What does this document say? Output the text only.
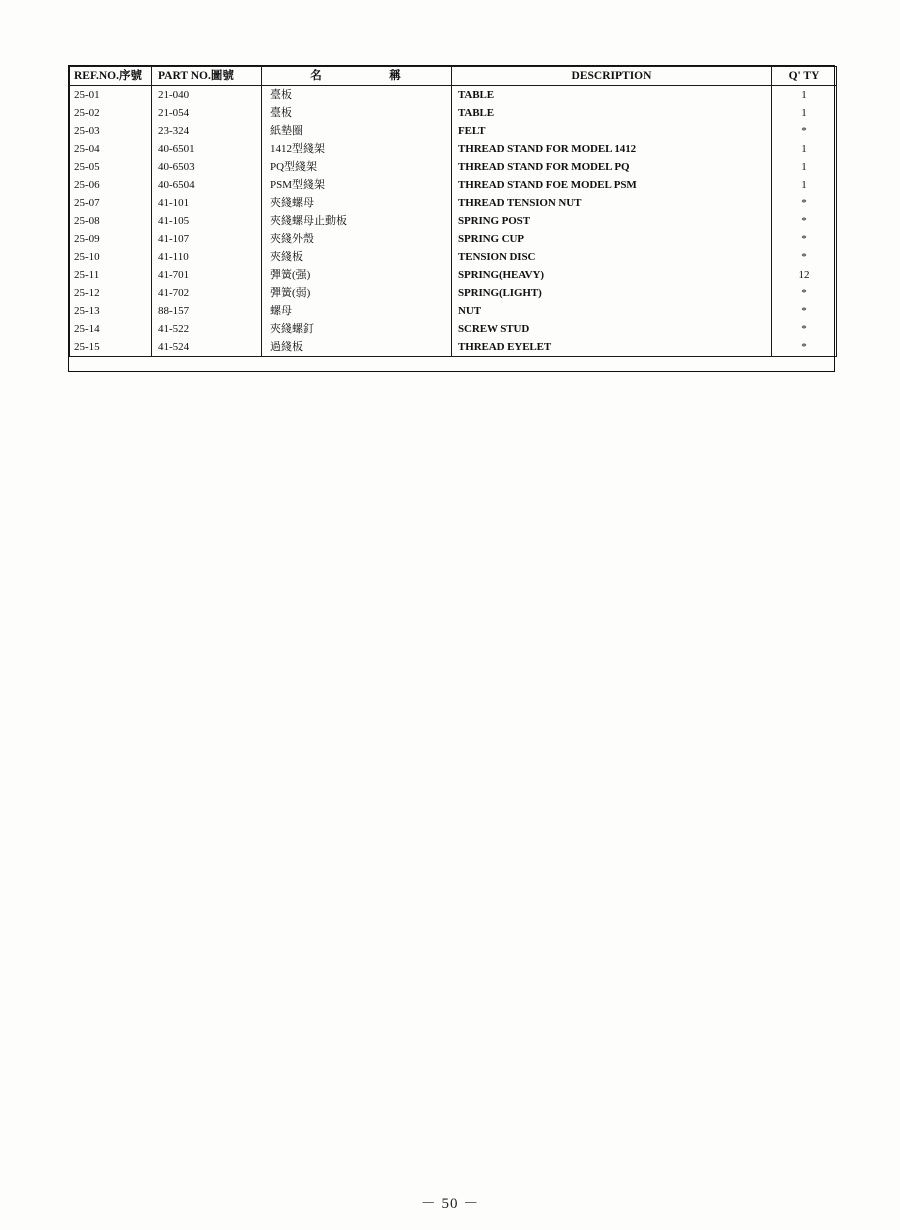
REF.NO.序號	PART NO.圖號	名　稱	DESCRIPTION	Q' TY
25-01	21-040	臺板	TABLE	1
25-02	21-054	臺板	TABLE	1
25-03	23-324	紙墊圈	FELT	*
25-04	40-6501	1412型綫架	THREAD STAND FOR MODEL 1412	1
25-05	40-6503	PQ型綫架	THREAD STAND FOR MODEL PQ	1
25-06	40-6504	PSM型綫架	THREAD STAND FOE MODEL PSM	1
25-07	41-101	夾綫螺母	THREAD TENSION NUT	*
25-08	41-105	夾綫螺母止動板	SPRING POST	*
25-09	41-107	夾綫外殼	SPRING CUP	*
25-10	41-110	夾綫板	TENSION DISC	*
25-11	41-701	彈簧(强)	SPRING(HEAVY)	12
25-12	41-702	彈簧(弱)	SPRING(LIGHT)	*
25-13	88-157	螺母	NUT	*
25-14	41-522	夾綫螺釘	SCREW STUD	*
25-15	41-524	過綫板	THREAD EYELET	*
－ 50 －
